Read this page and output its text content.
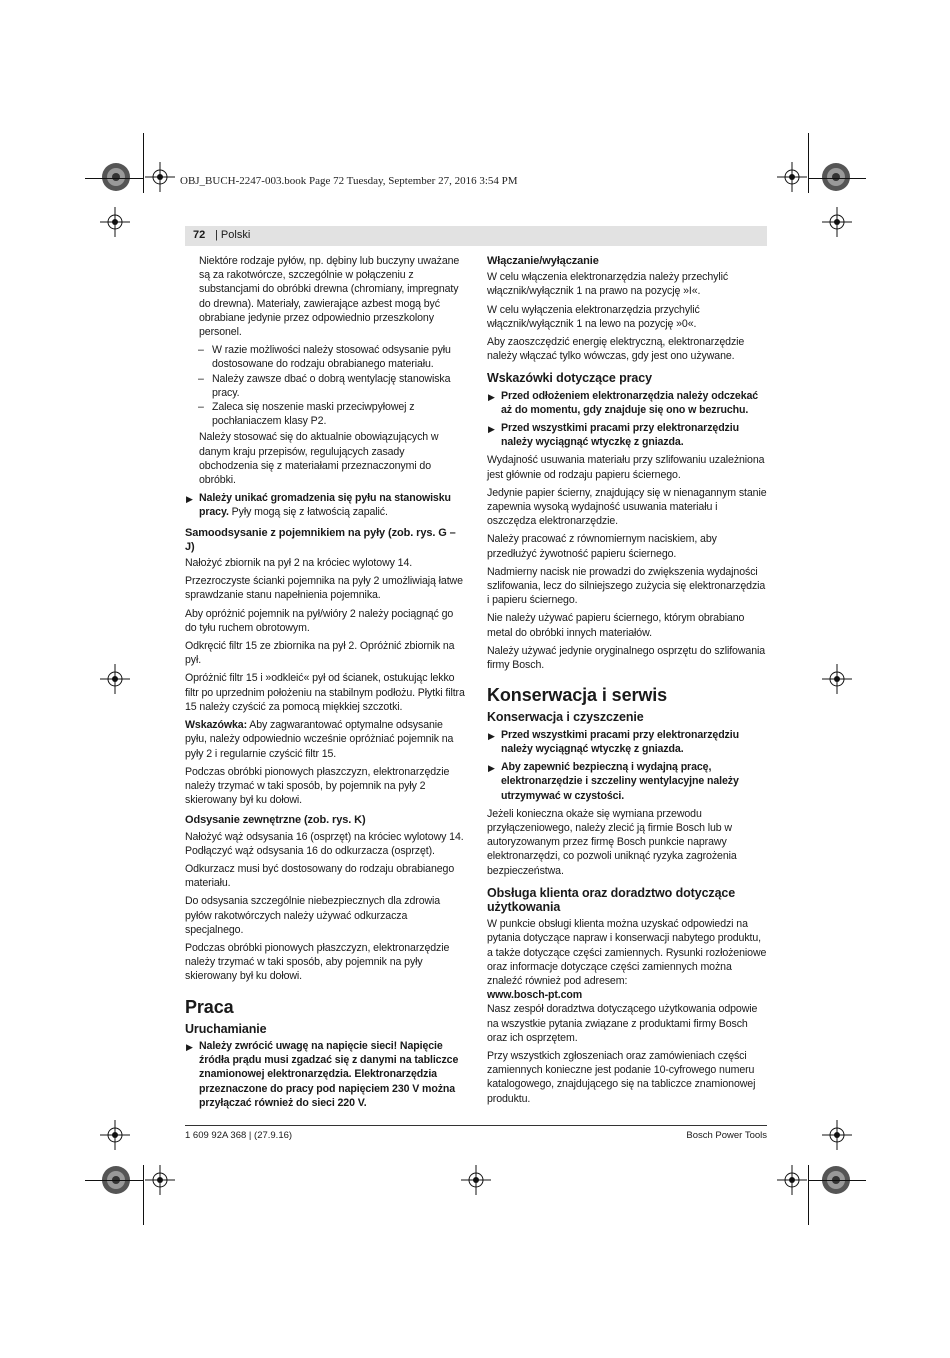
OBJ_BUCH-2247-003.book Page 72 Tuesday, September 27, 2016 3:54 PM
72 | Polski

Niektóre rodzaje pyłów, np. dębiny lub buczyny uważane są za rakotwórcze, szczególnie w połączeniu z substancjami do obróbki drewna (chromiany, impregnaty do drewna). Materiały, zawierające azbest mogą być obrabiane jedynie przez odpowiednio przeszkolony personel.

– W razie możliwości należy stosować odsysanie pyłu dostosowane do rodzaju obrabianego materiału.

– Należy zawsze dbać o dobrą wentylację stanowiska pracy.

– Zaleca się noszenie maski przeciwpyłowej z pochłaniaczem klasy P2.

Należy stosować się do aktualnie obowiązujących w danym kraju przepisów, regulujących zasady obchodzenia się z materiałami przeznaczonymi do obróbki.

▶ Należy unikać gromadzenia się pyłu na stanowisku pracy. Pyły mogą się z łatwością zapalić.

Samoodsysanie z pojemnikiem na pyły (zob. rys. G – J)

Nałożyć zbiornik na pył 2 na króciec wylotowy 14.

Przezroczyste ścianki pojemnika na pyły 2 umożliwiają łatwe sprawdzanie stanu napełnienia pojemnika.

Aby opróżnić pojemnik na pył/wióry 2 należy pociągnąć go do tyłu ruchem obrotowym.

Odkręcić filtr 15 ze zbiornika na pył 2. Opróżnić zbiornik na pył.

Opróżnić filtr 15 i »odkleić« pył od ścianek, ostukując lekko filtr po uprzednim położeniu na stabilnym podłożu. Płytki filtra 15 należy czyścić za pomocą miękkiej szczotki.

Wskazówka: Aby zagwarantować optymalne odsysanie pyłu, należy odpowiednio wcześnie opróżniać pojemnik na pyły 2 i regularnie czyścić filtr 15.

Podczas obróbki pionowych płaszczyzn, elektronarzędzie należy trzymać w taki sposób, by pojemnik na pyły 2 skierowany był ku dołowi.

Odsysanie zewnętrzne (zob. rys. K)

Nałożyć wąż odsysania 16 (osprzęt) na króciec wylotowy 14. Podłączyć wąż odsysania 16 do odkurzacza (osprzęt).

Odkurzacz musi być dostosowany do rodzaju obrabianego materiału.

Do odsysania szczególnie niebezpiecznych dla zdrowia pyłów rakotwórczych należy używać odkurzacza specjalnego.

Podczas obróbki pionowych płaszczyzn, elektronarzędzie należy trzymać w taki sposób, aby pojemnik na pyły skierowany był ku dołowi.

Praca
Uruchamianie

▶ Należy zwrócić uwagę na napięcie sieci! Napięcie źródła prądu musi zgadzać się z danymi na tabliczce znamionowej elektronarzędzia. Elektronarzędzia przeznaczone do pracy pod napięciem 230 V można przyłączać również do sieci 220 V.

Włączanie/wyłączanie

W celu włączenia elektronarzędzia należy przechylić włącznik/wyłącznik 1 na prawo na pozycję »I«.

W celu wyłączenia elektronarzędzia przychylić włącznik/wyłącznik 1 na lewo na pozycję »0«.

Aby zaoszczędzić energię elektryczną, elektronarzędzie należy włączać tylko wówczas, gdy jest ono używane.

Wskazówki dotyczące pracy

▶ Przed odłożeniem elektronarzędzia należy odczekać aż do momentu, gdy znajduje się ono w bezruchu.

▶ Przed wszystkimi pracami przy elektronarzędziu należy wyciągnąć wtyczkę z gniazda.

Wydajność usuwania materiału przy szlifowaniu uzależniona jest głównie od rodzaju papieru ściernego.

Jedynie papier ścierny, znajdujący się w nienagannym stanie zapewnia wysoką wydajność usuwania materiału i oszczędza elektronarzędzie.

Należy pracować z równomiernym naciskiem, aby przedłużyć żywotność papieru ściernego.

Nadmierny nacisk nie prowadzi do zwiększenia wydajności szlifowania, lecz do silniejszego zużycia się elektronarzędzia i papieru ściernego.

Nie należy używać papieru ściernego, którym obrabiano metal do obróbki innych materiałów.

Należy używać jedynie oryginalnego osprzętu do szlifowania firmy Bosch.

Konserwacja i serwis
Konserwacja i czyszczenie

▶ Przed wszystkimi pracami przy elektronarzędziu należy wyciągnąć wtyczkę z gniazda.

▶ Aby zapewnić bezpieczną i wydajną pracę, elektronarzędzie i szczeliny wentylacyjne należy utrzymywać w czystości.

Jeżeli konieczna okaże się wymiana przewodu przyłączeniowego, należy zlecić ją firmie Bosch lub w autoryzowanym przez firmę Bosch punkcie naprawy elektronarzędzi, co pozwoli uniknąć ryzyka zagrożenia bezpieczeństwa.

Obsługa klienta oraz doradztwo dotyczące użytkowania

W punkcie obsługi klienta można uzyskać odpowiedzi na pytania dotyczące napraw i konserwacji nabytego produktu, a także dotyczące części zamiennych. Rysunki rozłożeniowe oraz informacje dotyczące części zamiennych można znaleźć również pod adresem:

www.bosch-pt.com

Nasz zespół doradztwa dotyczącego użytkowania odpowie na wszystkie pytania związane z produktami firmy Bosch oraz ich osprzętem.

Przy wszystkich zgłoszeniach oraz zamówieniach części zamiennych konieczne jest podanie 10-cyfrowego numeru katalogowego, znajdującego się na tabliczce znamionowej produktu.

1 609 92A 368 | (27.9.16)	Bosch Power Tools
